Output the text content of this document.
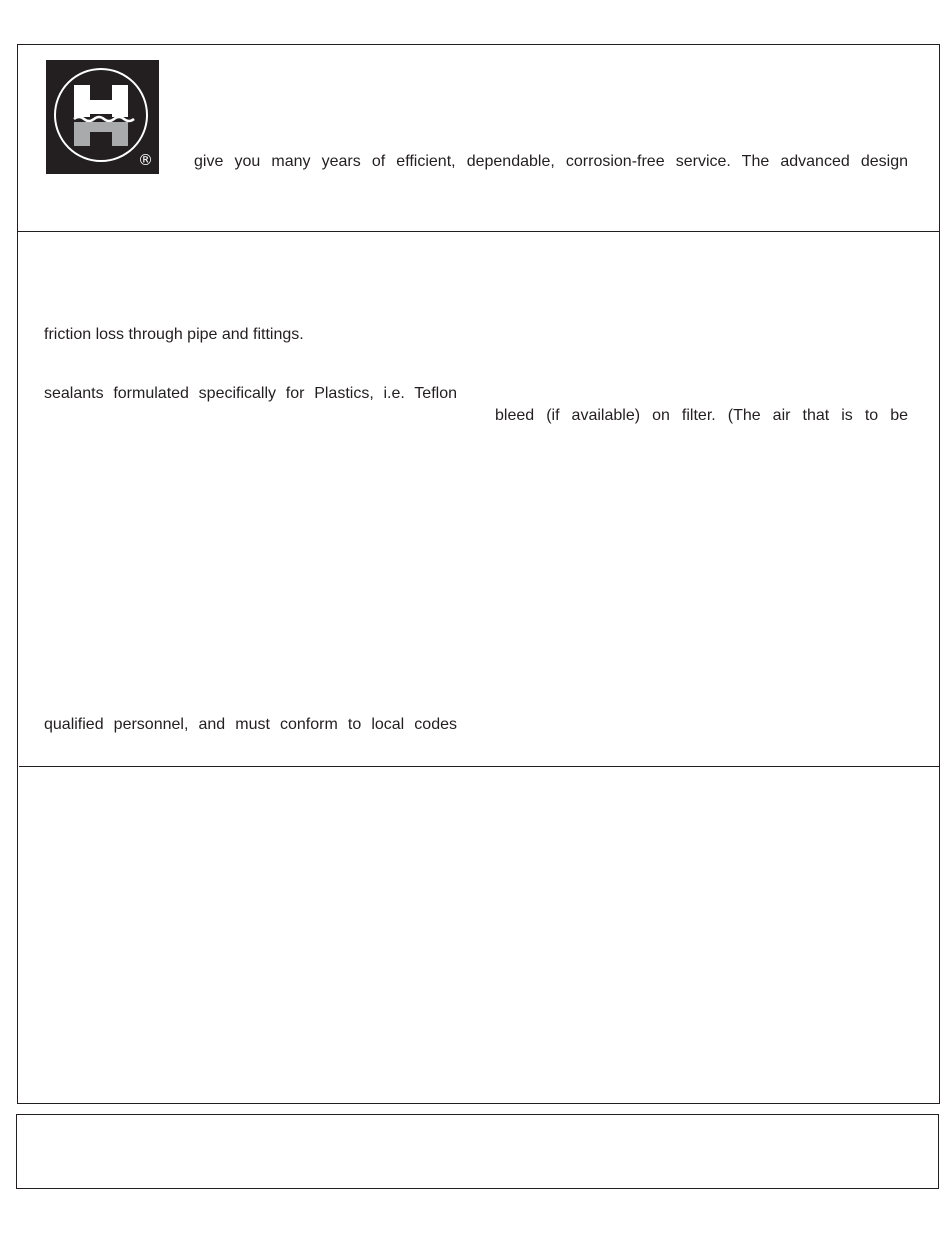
®	give you many years of efficient, dependable, corrosion-free service. The advanced design
friction loss through pipe and fittings.
sealants formulated specifically for Plastics, i.e. Teflon
bleed (if available) on filter. (The air that is to be
qualified personnel, and must conform to local codes
